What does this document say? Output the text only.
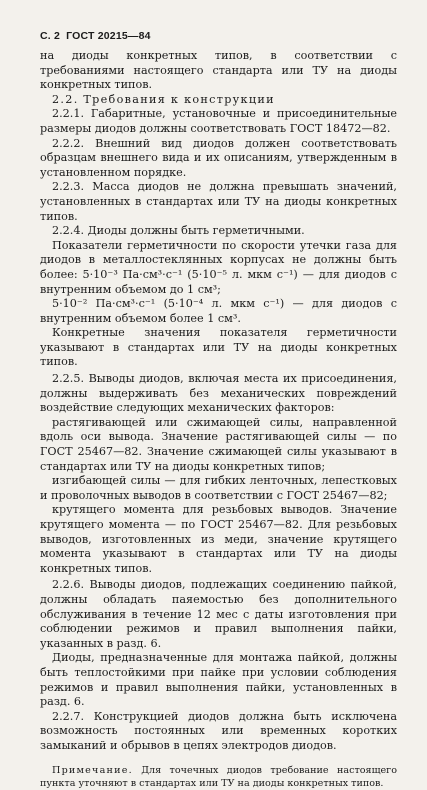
С. 2 ГОСТ 20215—84

на диоды конкретных типов, в соответствии с требованиями настоящего стандарта или ТУ на диоды конкретных типов.

2.2. Требования к конструкции

2.2.1. Габаритные, установочные и присоединительные размеры диодов должны соответствовать ГОСТ 18472—82.

2.2.2. Внешний вид диодов должен соответствовать образцам внешнего вида и их описаниям, утвержденным в установленном порядке.

2.2.3. Масса диодов не должна превышать значений, установленных в стандартах или ТУ на диоды конкретных типов.

2.2.4. Диоды должны быть герметичными.

Показатели герметичности по скорости утечки газа для диодов в металлостеклянных корпусах не должны быть более: 5·10⁻³ Па·см³·с⁻¹ (5·10⁻⁵ л. мкм с⁻¹) — для диодов с внутренним объемом до 1 см³;

5·10⁻² Па·см³·с⁻¹ (5·10⁻⁴ л. мкм с⁻¹) — для диодов с внутренним объемом более 1 см³.

Конкретные значения показателя герметичности указывают в стандартах или ТУ на диоды конкретных типов.

2.2.5. Выводы диодов, включая места их присоединения, должны выдерживать без механических повреждений воздействие следующих механических факторов:

растягивающей или сжимающей силы, направленной вдоль оси вывода. Значение растягивающей силы — по ГОСТ 25467—82. Значение сжимающей силы указывают в стандартах или ТУ на диоды конкретных типов;

изгибающей силы — для гибких ленточных, лепестковых и проволочных выводов в соответствии с ГОСТ 25467—82;

крутящего момента для резьбовых выводов. Значение крутящего момента — по ГОСТ 25467—82. Для резьбовых выводов, изготовленных из меди, значение крутящего момента указывают в стандартах или ТУ на диоды конкретных типов.

2.2.6. Выводы диодов, подлежащих соединению пайкой, должны обладать паяемостью без дополнительного обслуживания в течение 12 мес с даты изготовления при соблюдении режимов и правил выполнения пайки, указанных в разд. 6.

Диоды, предназначенные для монтажа пайкой, должны быть теплостойкими при пайке при условии соблюдения режимов и правил выполнения пайки, установленных в разд. 6.

2.2.7. Конструкцией диодов должна быть исключена возможность постоянных или временных коротких замыканий и обрывов в цепях электродов диодов.

Примечание. Для точечных диодов требование настоящего пункта уточняют в стандартах или ТУ на диоды конкретных типов.
